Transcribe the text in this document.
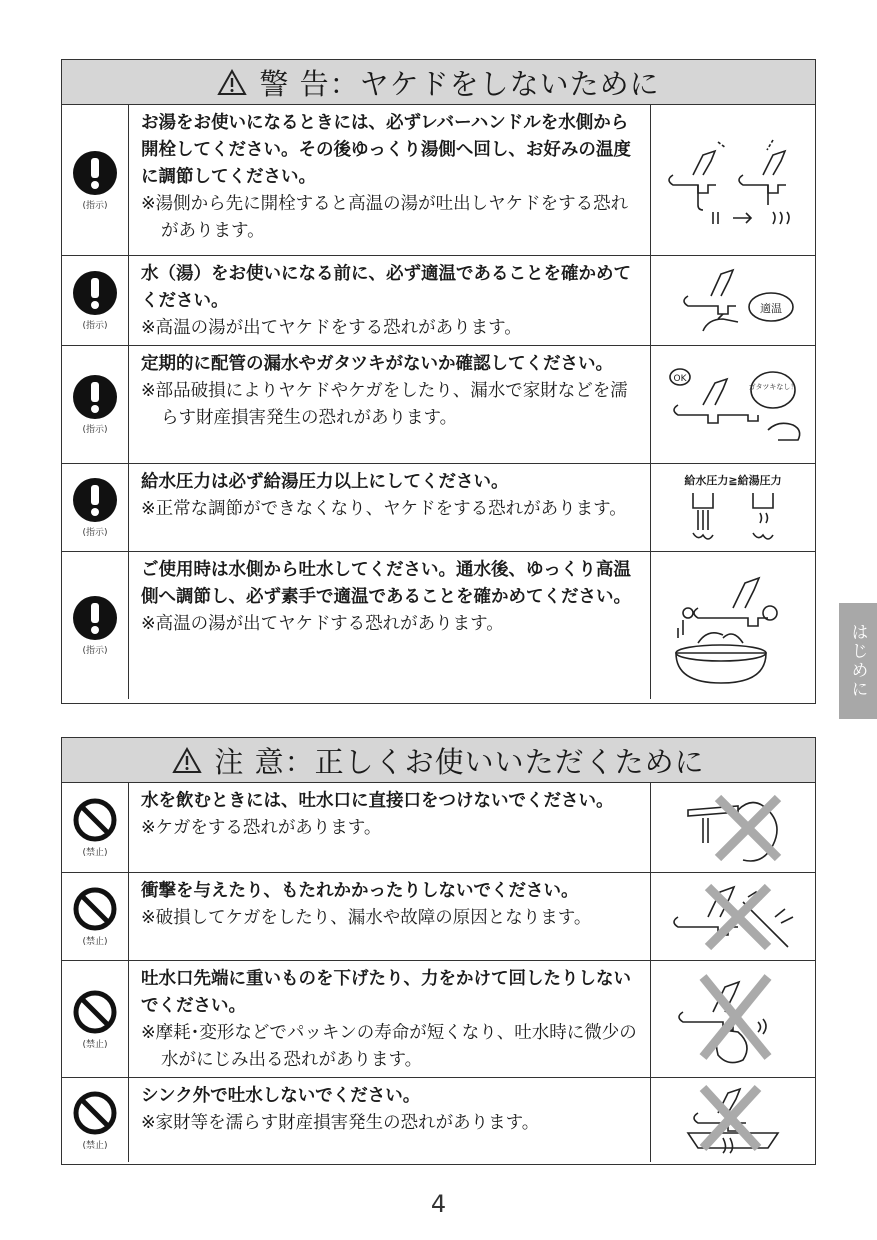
警 告：ヤケドをしないために
(指示)
お湯をお使いになるときには、必ずレバーハンドルを水側から開栓してください。その後ゆっくり湯側へ回し、お好みの温度に調節してください。
※湯側から先に開栓すると高温の湯が吐出しヤケドをする恐れがあります。
(指示)
水（湯）をお使いになる前に、必ず適温であることを確かめてください。
※高温の湯が出てヤケドをする恐れがあります。
適温
(指示)
定期的に配管の漏水やガタツキがないか確認してください。
※部品破損によりヤケドやケガをしたり、漏水で家財などを濡らす財産損害発生の恐れがあります。
OK
ガタツキなし！
(指示)
給水圧力は必ず給湯圧力以上にしてください。
※正常な調節ができなくなり、ヤケドをする恐れがあります。
給水圧力≧給湯圧力
(指示)
ご使用時は水側から吐水してください。通水後、ゆっくり高温側へ調節し、必ず素手で適温であることを確かめてください。
※高温の湯が出てヤケドする恐れがあります。
注 意：正しくお使いいただくために
(禁止)
水を飲むときには、吐水口に直接口をつけないでください。
※ケガをする恐れがあります。
(禁止)
衝撃を与えたり、もたれかかったりしないでください。
※破損してケガをしたり、漏水や故障の原因となります。
(禁止)
吐水口先端に重いものを下げたり、力をかけて回したりしないでください。
※摩耗･変形などでパッキンの寿命が短くなり、吐水時に微少の水がにじみ出る恐れがあります。
(禁止)
シンク外で吐水しないでください。
※家財等を濡らす財産損害発生の恐れがあります。
はじめに
4
